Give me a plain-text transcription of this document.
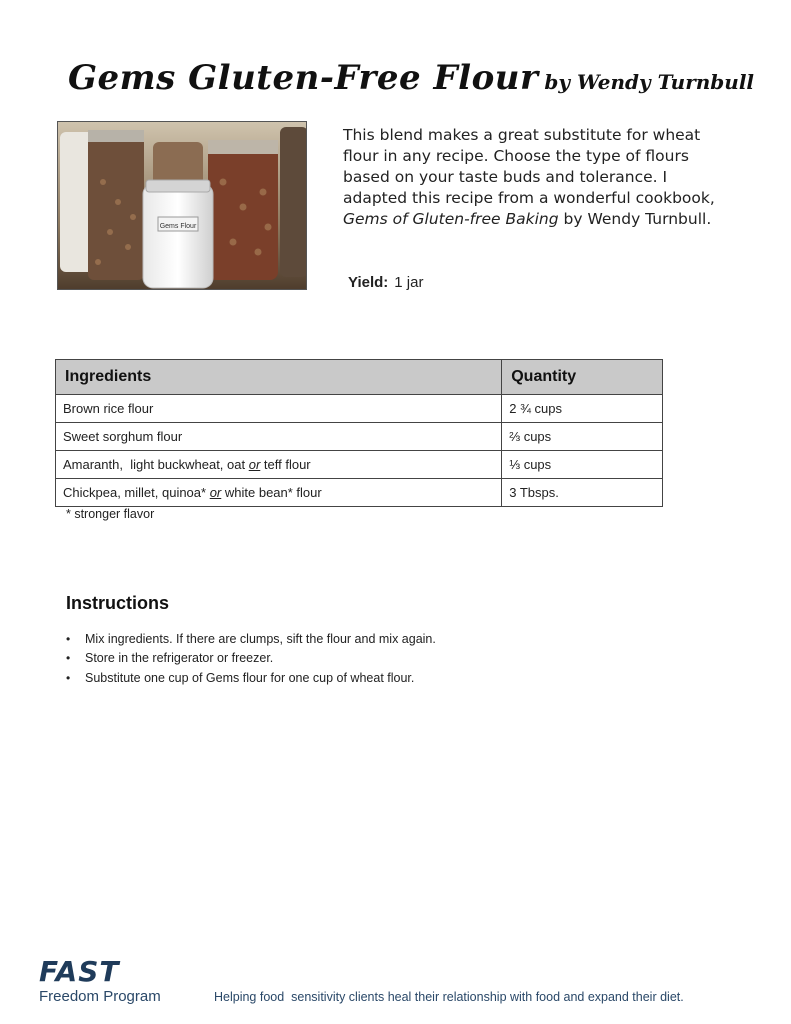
Gems Gluten-Free Flour by Wendy Turnbull
Gems Flour

This blend makes a great substitute for wheat flour in any recipe. Choose the type of flours based on your taste buds and tolerance. I adapted this recipe from a wonderful cookbook, Gems of Gluten-free Baking by Wendy Turnbull.

Yield: 1 jar
Ingredients	Quantity
Brown rice flour	2 ¾ cups
Sweet sorghum flour	⅔ cups
Amaranth,  light buckwheat, oat or teff flour	⅓ cups
Chickpea, millet, quinoa* or white bean* flour	3 Tbsps.
* stronger flavor
Instructions
•	Mix ingredients. If there are clumps, sift the flour and mix again.
•	Store in the refrigerator or freezer.
•	Substitute one cup of Gems flour for one cup of wheat flour.
FAST
Freedom Program	Helping food  sensitivity clients heal their relationship with food and expand their diet.
